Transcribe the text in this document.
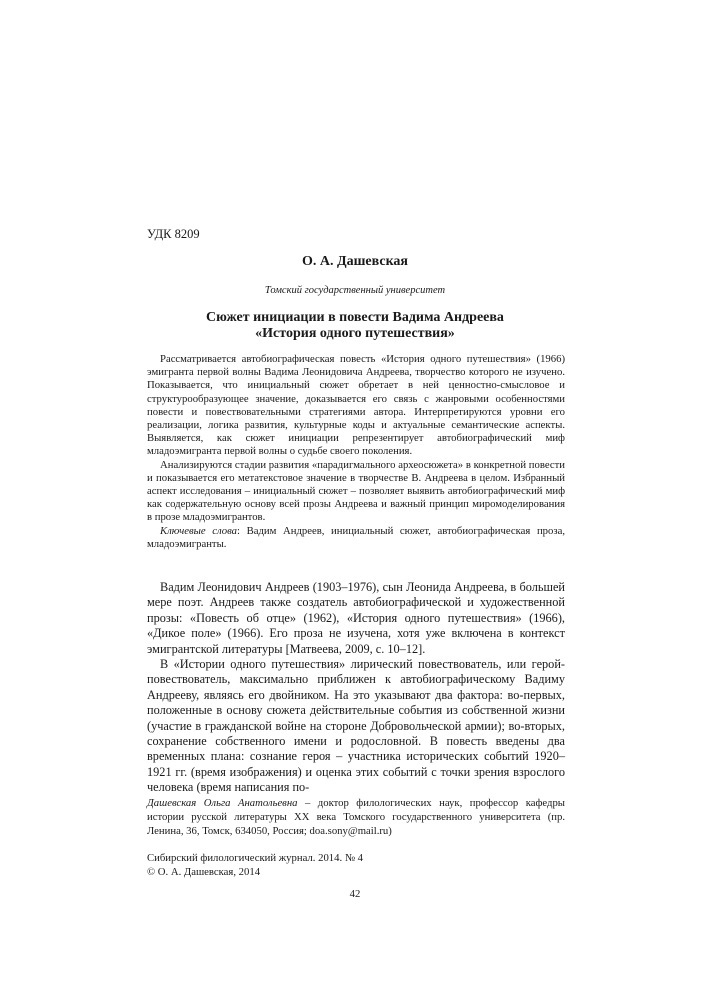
УДК 8209
О. А. Дашевская
Томский государственный университет
Сюжет инициации в повести Вадима Андреева
«История одного путешествия»

Рассматривается автобиографическая повесть «История одного путешествия» (1966) эмигранта первой волны Вадима Леонидовича Андреева, творчество которого не изучено. Показывается, что инициальный сюжет обретает в ней ценностно-смысловое и структурообразующее значение, доказывается его связь с жанровыми особенностями повести и повествовательными стратегиями автора. Интерпретируются уровни его реализации, логика развития, культурные коды и актуальные семантические аспекты. Выявляется, как сюжет инициации репрезентирует автобиографический миф младоэмигранта первой волны о судьбе своего поколения.

Анализируются стадии развития «парадигмального археосюжета» в конкретной повести и показывается его метатекстовое значение в творчестве В. Андреева в целом. Избранный аспект исследования – инициальный сюжет – позволяет выявить автобиографический миф как содержательную основу всей прозы Андреева и важный принцип миромоделирования в прозе младоэмигрантов.

Ключевые слова: Вадим Андреев, инициальный сюжет, автобиографическая проза, младоэмигранты.

Вадим Леонидович Андреев (1903–1976), сын Леонида Андреева, в большей мере поэт. Андреев также создатель автобиографической и художественной прозы: «Повесть об отце» (1962), «История одного путешествия» (1966), «Дикое поле» (1966). Его проза не изучена, хотя уже включена в контекст эмигрантской литературы [Матвеева, 2009, с. 10–12].

В «Истории одного путешествия» лирический повествователь, или герой-повествователь, максимально приближен к автобиографическому Вадиму Андрееву, являясь его двойником. На это указывают два фактора: во-первых, положенные в основу сюжета действительные события из собственной жизни (участие в гражданской войне на стороне Добровольческой армии); во-вторых, сохранение собственного имени и родословной. В повесть введены два временных плана: сознание героя – участника исторических событий 1920–1921 гг. (время изображения) и оценка этих событий с точки зрения взрослого человека (время написания по-

Дашевская Ольга Анатольевна – доктор филологических наук, профессор кафедры истории русской литературы XX века Томского государственного университета (пр. Ленина, 36, Томск, 634050, Россия; doa.sony@mail.ru)

Сибирский филологический журнал. 2014. № 4
© О. А. Дашевская, 2014
42
